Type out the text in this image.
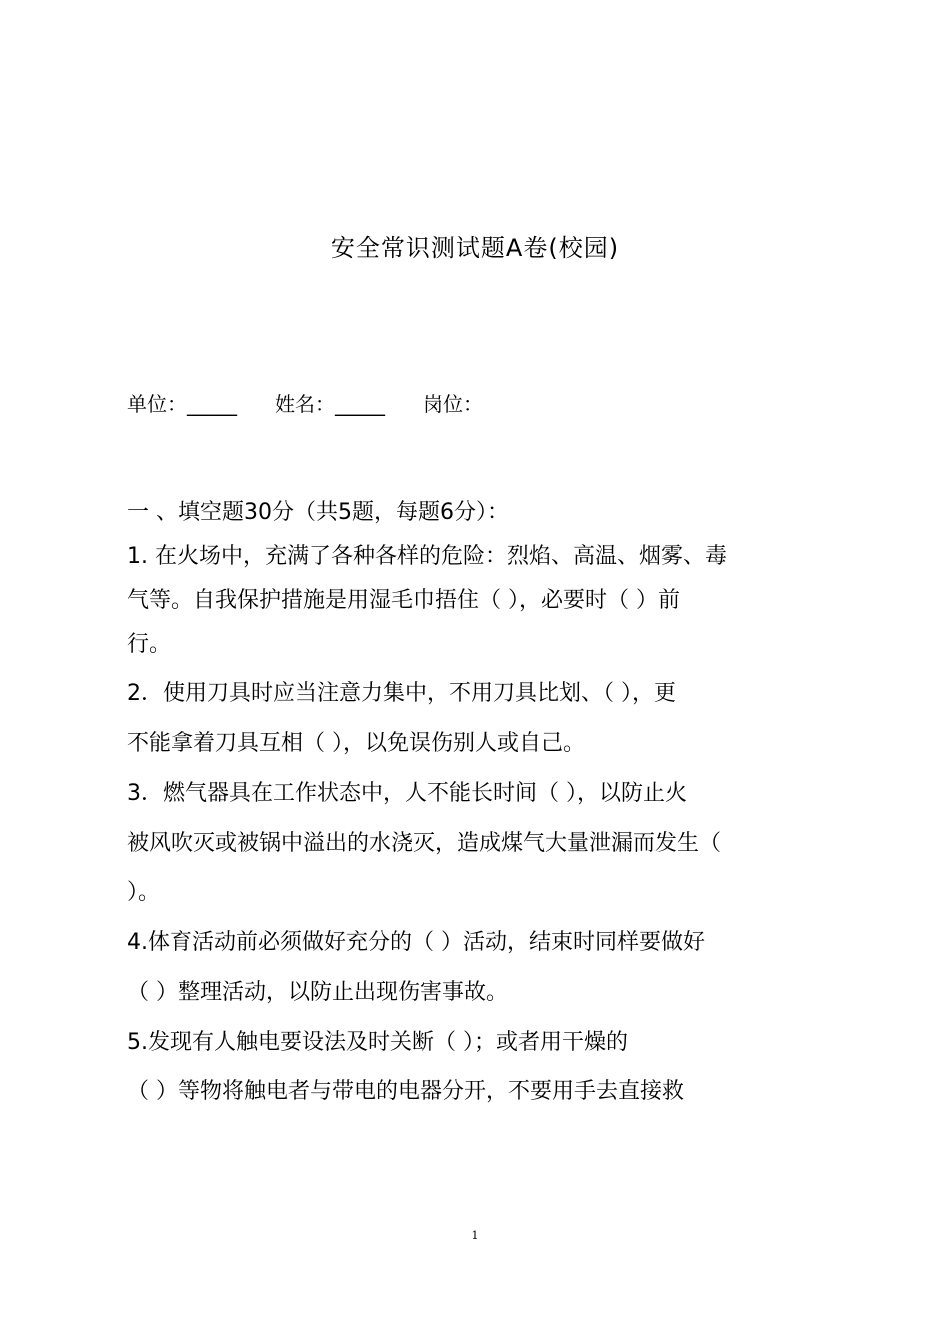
安全常识测试题A卷(校园)
单位：_____ 姓名：_____ 岗位：
一 、填空题30分（共5题，每题6分）：
1. 在火场中，充满了各种各样的危险：烈焰、高温、烟雾、毒
气等。自我保护措施是用湿毛巾捂住（ ），必要时（ ）前
行。
2．使用刀具时应当注意力集中，不用刀具比划、（ ），更
不能拿着刀具互相（ ），以免误伤别人或自己。
3．燃气器具在工作状态中，人不能长时间（ ），以防止火
被风吹灭或被锅中溢出的水浇灭，造成煤气大量泄漏而发生（
）。
4.体育活动前必须做好充分的（ ）活动，结束时同样要做好
（ ）整理活动，以防止出现伤害事故。
5.发现有人触电要设法及时关断（ ）；或者用干燥的
（ ）等物将触电者与带电的电器分开，不要用手去直接救
1
